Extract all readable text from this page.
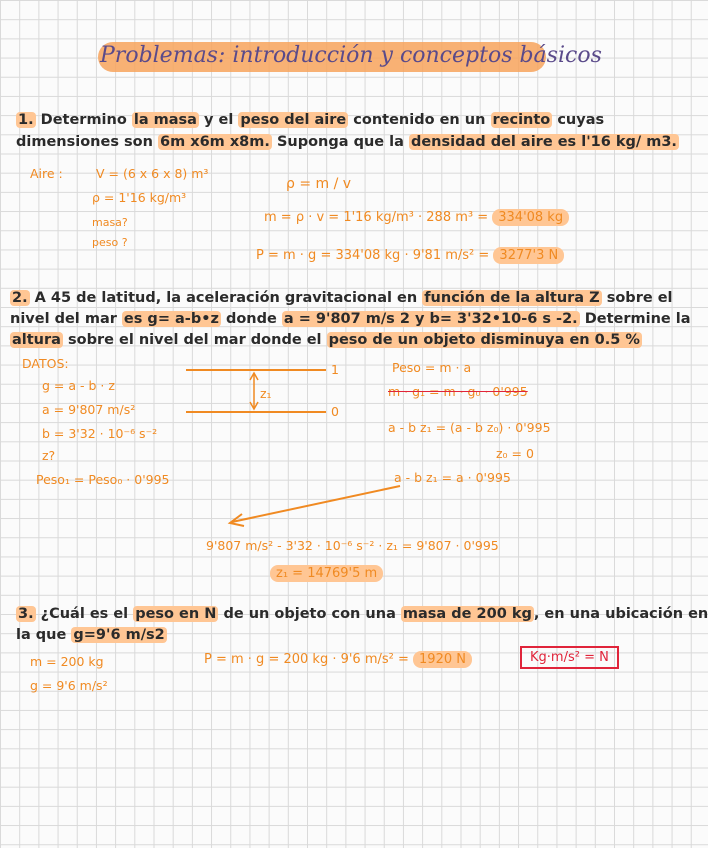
Problemas: introducción y conceptos básicos
1. Determino la masa y el peso del aire contenido en un recinto cuyas
dimensiones son 6m x6m x8m. Suponga que la densidad del aire es l'16 kg/ m3.
Aire :	V = (6 x 6 x 8) m³
ρ = 1'16 kg/m³
masa?
peso ?
ρ = m / v
m = ρ · v = 1'16 kg/m³ · 288 m³ = 334'08 kg
P = m · g = 334'08 kg · 9'81 m/s² = 3277'3 N
2. A 45 de latitud, la aceleración gravitacional en función de la altura Z sobre el
nivel del mar es g= a-b•z donde a = 9'807 m/s 2 y b= 3'32•10-6 s -2. Determine la
altura sobre el nivel del mar donde el peso de un objeto disminuya en 0.5 %
DATOS:
g = a - b · z
a = 9'807 m/s²
b = 3'32 · 10⁻⁶ s⁻²
z?
Peso₁ = Peso₀ · 0'995
1
0
z₁
Peso = m · a
m · g₁ = m · g₀ · 0'995
a - b z₁ = (a - b z₀) · 0'995
z₀ = 0
a - b z₁ = a · 0'995
9'807 m/s² - 3'32 · 10⁻⁶ s⁻² · z₁ = 9'807 · 0'995
z₁ = 14769'5 m
3. ¿Cuál es el peso en N de un objeto con una masa de 200 kg , en una ubicación en
la que g=9'6 m/s2
m = 200 kg
g = 9'6 m/s²
P = m · g = 200 kg · 9'6 m/s² = 1920 N	Kg·m/s² = N
